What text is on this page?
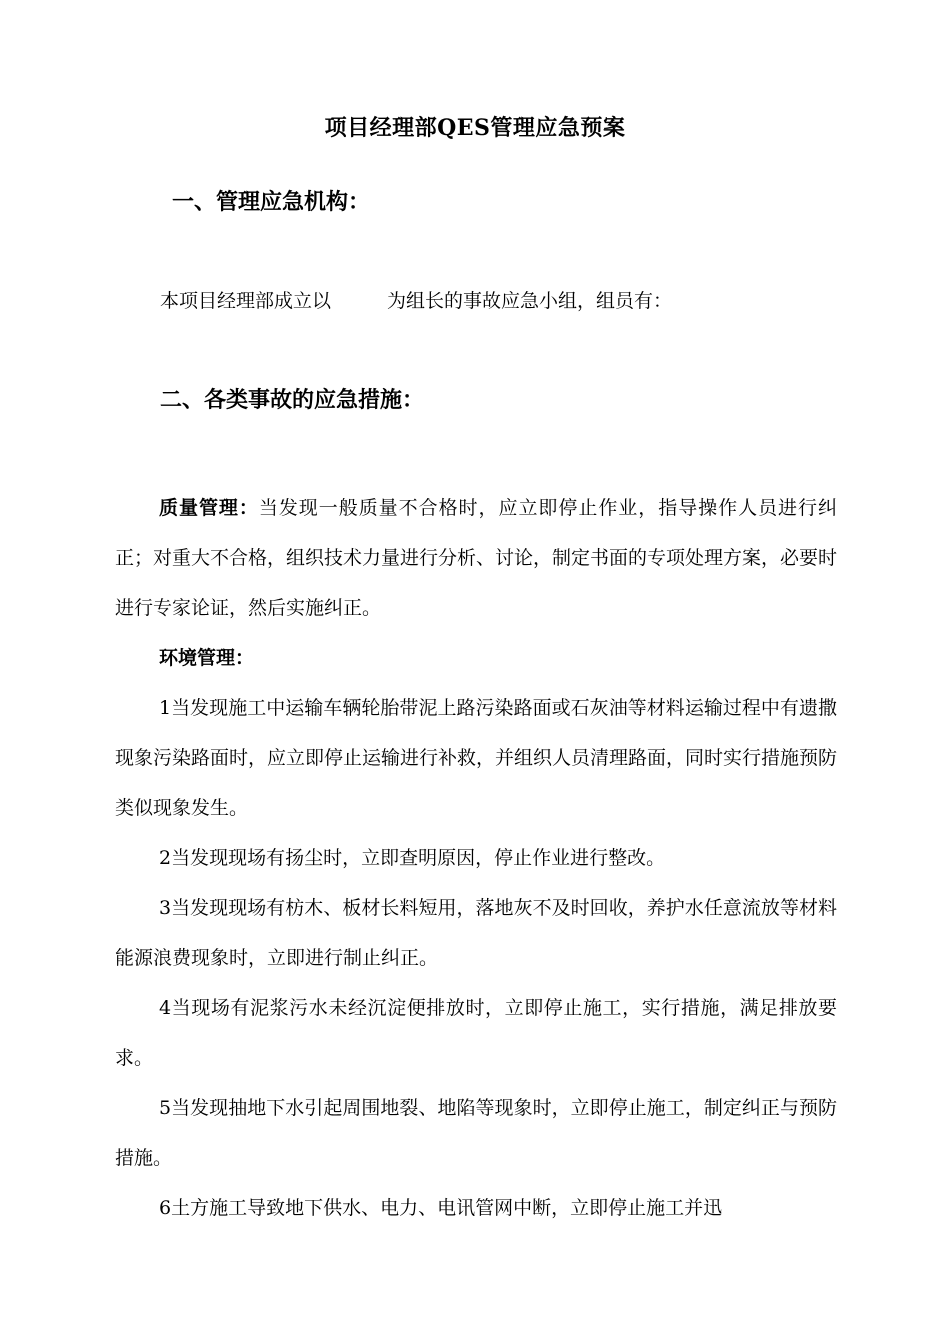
项目经理部QES管理应急预案
一、管理应急机构：
本项目经理部成立以	为组长的事故应急小组，组员有：
二、各类事故的应急措施：

质量管理：当发现一般质量不合格时，应立即停止作业，指导操作人员进行纠正；对重大不合格，组织技术力量进行分析、讨论，制定书面的专项处理方案，必要时进行专家论证，然后实施纠正。

环境管理：

1当发现施工中运输车辆轮胎带泥上路污染路面或石灰油等材料运输过程中有遗撒现象污染路面时，应立即停止运输进行补救，并组织人员清理路面，同时实行措施预防类似现象发生。

2当发现现场有扬尘时，立即查明原因，停止作业进行整改。

3当发现现场有枋木、板材长料短用，落地灰不及时回收，养护水任意流放等材料能源浪费现象时，立即进行制止纠正。

4当现场有泥浆污水未经沉淀便排放时，立即停止施工，实行措施，满足排放要求。

5当发现抽地下水引起周围地裂、地陷等现象时，立即停止施工，制定纠正与预防措施。

6土方施工导致地下供水、电力、电讯管网中断，立即停止施工并迅
